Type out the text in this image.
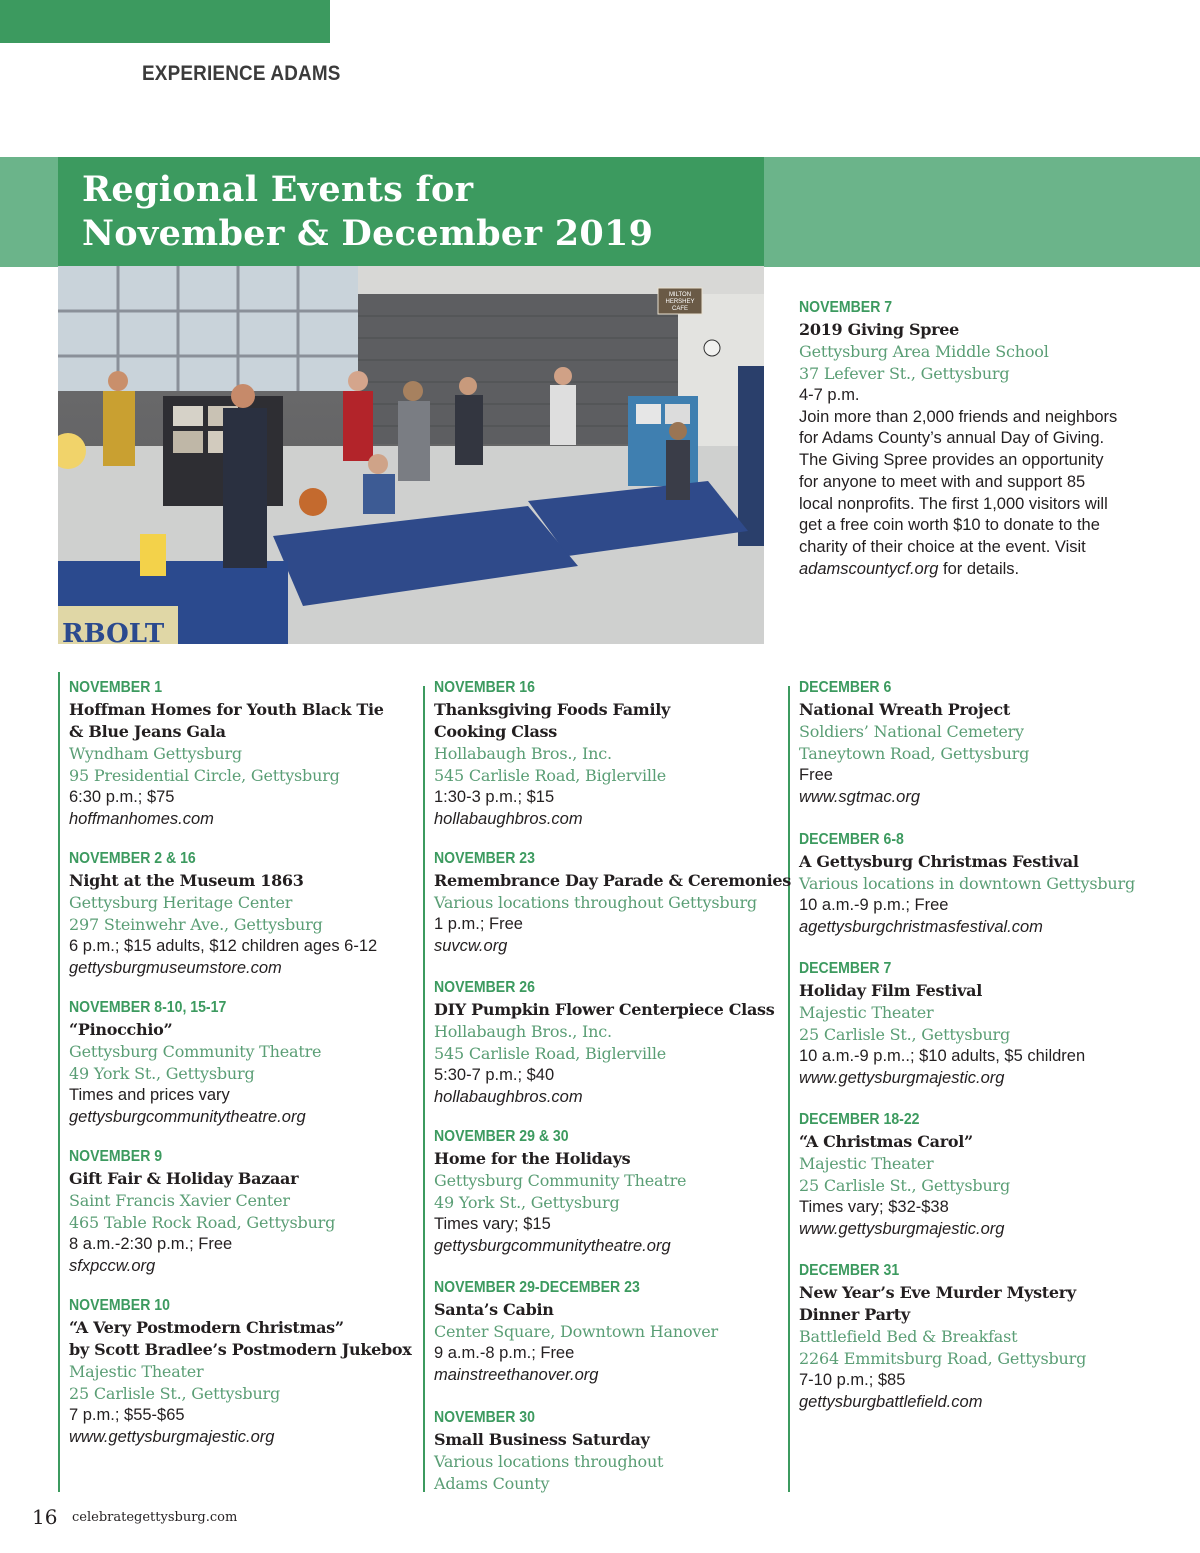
EXPERIENCE ADAMS
Regional Events for
November & December 2019
MILTON
HERSHEY
CAFE
RBOLT
NOVEMBER 7
2019 Giving Spree
Gettysburg Area Middle School
37 Lefever St., Gettysburg
4-7 p.m.
Join more than 2,000 friends and neighbors
for Adams County’s annual Day of Giving.
The Giving Spree provides an opportunity
for anyone to meet with and support 85
local nonprofits. The first 1,000 visitors will
get a free coin worth $10 to donate to the
charity of their choice at the event. Visit
adamscountycf.org for details.
NOVEMBER 1
Hoffman Homes for Youth Black Tie
& Blue Jeans Gala
Wyndham Gettysburg
95 Presidential Circle, Gettysburg
6:30 p.m.; $75
hoffmanhomes.com
NOVEMBER 2 & 16
Night at the Museum 1863
Gettysburg Heritage Center
297 Steinwehr Ave., Gettysburg
6 p.m.; $15 adults, $12 children ages 6-12
gettysburgmuseumstore.com
NOVEMBER 8-10, 15-17
“Pinocchio”
Gettysburg Community Theatre
49 York St., Gettysburg
Times and prices vary
gettysburgcommunitytheatre.org
NOVEMBER 9
Gift Fair & Holiday Bazaar
Saint Francis Xavier Center
465 Table Rock Road, Gettysburg
8 a.m.-2:30 p.m.; Free
sfxpccw.org
NOVEMBER 10
“A Very Postmodern Christmas”
by Scott Bradlee’s Postmodern Jukebox
Majestic Theater
25 Carlisle St., Gettysburg
7 p.m.; $55-$65
www.gettysburgmajestic.org
NOVEMBER 16
Thanksgiving Foods Family
Cooking Class
Hollabaugh Bros., Inc.
545 Carlisle Road, Biglerville
1:30-3 p.m.; $15
hollabaughbros.com
NOVEMBER 23
Remembrance Day Parade & Ceremonies
Various locations throughout Gettysburg
1 p.m.; Free
suvcw.org
NOVEMBER 26
DIY Pumpkin Flower Centerpiece Class
Hollabaugh Bros., Inc.
545 Carlisle Road, Biglerville
5:30-7 p.m.; $40
hollabaughbros.com
NOVEMBER 29 & 30
Home for the Holidays
Gettysburg Community Theatre
49 York St., Gettysburg
Times vary; $15
gettysburgcommunitytheatre.org
NOVEMBER 29-DECEMBER 23
Santa’s Cabin
Center Square, Downtown Hanover
9 a.m.-8 p.m.; Free
mainstreethanover.org
NOVEMBER 30
Small Business Saturday
Various locations throughout
Adams County
DECEMBER 6
National Wreath Project
Soldiers’ National Cemetery
Taneytown Road, Gettysburg
Free
www.sgtmac.org
DECEMBER 6-8
A Gettysburg Christmas Festival
Various locations in downtown Gettysburg
10 a.m.-9 p.m.; Free
agettysburgchristmasfestival.com
DECEMBER 7
Holiday Film Festival
Majestic Theater
25 Carlisle St., Gettysburg
10 a.m.-9 p.m..; $10 adults, $5 children
www.gettysburgmajestic.org
DECEMBER 18-22
“A Christmas Carol”
Majestic Theater
25 Carlisle St., Gettysburg
Times vary; $32-$38
www.gettysburgmajestic.org
DECEMBER 31
New Year’s Eve Murder Mystery
Dinner Party
Battlefield Bed & Breakfast
2264 Emmitsburg Road, Gettysburg
7-10 p.m.; $85
gettysburgbattlefield.com
16 celebrategettysburg.com
